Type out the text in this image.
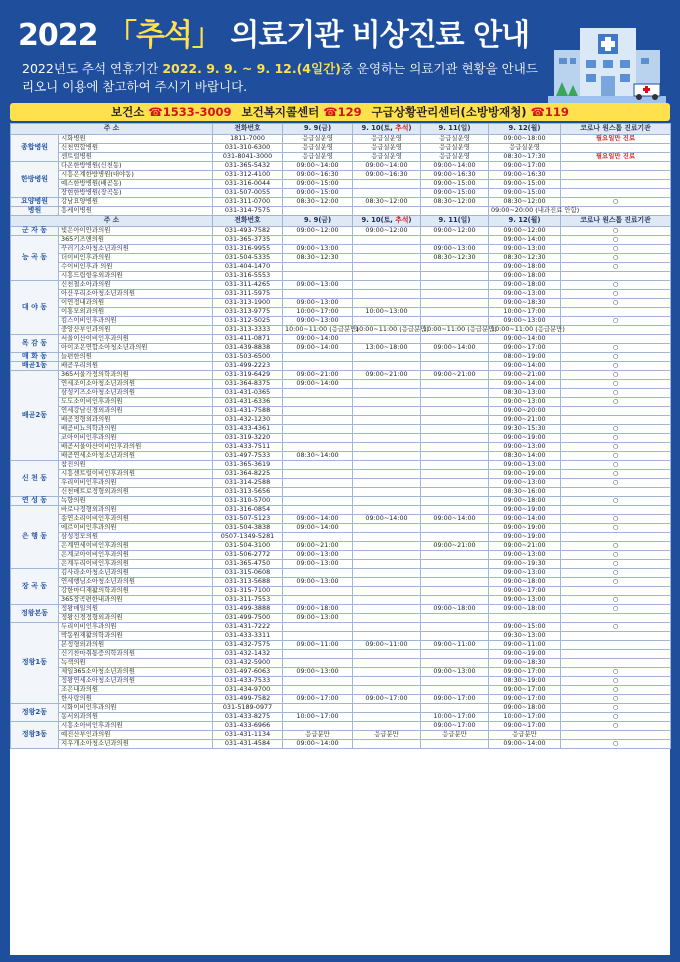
2022 「추석」 의료기관 비상진료 안내
2022년도 추석 연휴기간 2022. 9. 9. ~ 9. 12.(4일간)중 운영하는 의료기관 현황을 안내드리오니 이용에 참고하여 주시기 바랍니다.
보건소 ☎1533-3009 보건복지콜센터 ☎129 구급상황관리센터(소방방재청) ☎119
주 소		전화번호	9. 9(금)	9. 10(토, 추석)	9. 11(일)	9. 12(월)	코로나 원스톱 진료기관
종합병원	시화병원	1811-7000	응급실운영	응급실운영	응급실운영	09:00~18:00	필요일만 진료
	신천연합병원	031-310-6300	응급실운영	응급실운영	응급실운영	응급실운영	
	센트럴병원	031-8041-3000	응급실운영	응급실운영	응급실운영	08:30~17:30	필요일만 진료
한방병원	다온한방병원(신천동)	031-365-5432	09:00~14:00	09:00~14:00	09:00~14:00	09:00~17:00	
	시흥은계한방병원(대야동)	031-312-4100	09:00~16:30	09:00~16:30	09:00~16:30	09:00~16:30	
	예스한방병원(배곧동)	031-316-0044	09:00~15:00		09:00~15:00	09:00~15:00	
	장현한방병원(장곡동)	031-507-0055	09:00~15:00		09:00~15:00	09:00~15:00	
요양병원	강남요양병원	031-311-0700	08:30~12:00	08:30~12:00	08:30~12:00	08:30~12:00	○
병원	흥케이병원	031-314-7575				09:00~20:00 (내과진료 안함)	
주 소		전화번호	9. 9(금)	9. 10(토, 추석)	9. 11(일)	9. 12(월)	코로나 원스톱 진료기관
군 자 동	빛은아이안과의원	031-493-7582	09:00~12:00	09:00~12:00	09:00~12:00	09:00~12:00	○
능 곡 동	365키즈앤의원	031-365-3735				09:00~14:00	○
	꾸러기소아청소년과의원	031-316-9955	09:00~13:00		09:00~13:00	09:00~13:00	○
	더이비인후과의원	031-504-5335	08:30~12:30		08:30~12:30	08:30~12:30	○
	수이비인후과 의원	031-404-1470				09:00~18:00	○
	시흥드림항유외과의원	031-316-5553				09:00~18:00	
대 야 동	신천철소아과의원	031-311-4265	09:00~13:00			09:00~18:00	○
	아산우리소아청소년과의원	031-311-5975				09:00~13:00	○
	이연정내과의원	031-313-1900	09:00~13:00			09:00~18:30	○
	이홍모외과의원	031-313-9775	10:00~17:00	10:00~13:00		10:00~17:00	
	킴스이비인후과의원	031-312-5025	09:00~13:00			09:00~13:00	○
	중앙산부인과의원	031-313-3333	10:00~11:00 (응급분만)	10:00~11:00 (응급분만)	10:00~11:00 (응급분만)	10:00~11:00 (응급분만)	
목 감 동	서울이산이비인후과의원	031-411-0871	09:00~14:00			09:00~14:00	
	아이조은연합소아청소년과의원	031-439-8838	09:00~14:00	13:00~18:00	09:00~14:00	09:00~17:00	○
매 화 동	늘편한의원	031-503-6500				08:00~19:00	○
배곧1동	배곧우리의원	031-499-2223				09:00~14:00	○
배곧2동	365서울가정의학과의원	031-319-6429	09:00~21:00	09:00~21:00	09:00~21:00	09:00~21:00	○
	연세조이소아청소년과의원	031-364-8375	09:00~14:00			09:00~14:00	○
	삼성키즈소아청소년과의원	031-431-0365				08:30~13:00	○
	도도소이비인후과의원	031-431-6336				09:00~13:00	○
	연세강남신경외과의원	031-431-7588				09:00~20:00	
	배곧정형외과의원	031-432-1230				09:00~21:00	
	배곧비뇨의학과의원	031-433-4361				09:30~15:30	○
	코아이비인후과의원	031-319-3220				09:00~19:00	○
	배곧서울아산이비인후과의원	031-433-7511				09:00~13:00	○
	배곧연세소아청소년과의원	031-497-7533	08:30~14:00			08:30~14:00	○
신 천 동	참진의원	031-365-3619				09:00~13:00	○
	시흥센트럴이비인후과의원	031-364-8225				09:00~19:00	○
	우리이비인후과의원	031-314-2588				09:00~13:00	○
	신천메트로정형외과의원	031-313-5656				08:30~16:00	
연 성 동	녹향의원	031-310-5700				09:00~18:00	○
은 행 동	바로나정형외과의원	031-316-0854				09:00~19:00	
	송연소리이비인후과의원	031-507-5123	09:00~14:00	09:00~14:00	09:00~14:00	09:00~14:00	○
	에르이비인후과의원	031-504-3838	09:00~14:00			09:00~19:00	○
	삼성정모의원	0507-1349-5281				09:00~19:00	
	은계연세이비인후과의원	031-504-3100	09:00~21:00		09:00~21:00	09:00~21:00	○
	은계코아이비인후과의원	031-506-2772	09:00~13:00			09:00~13:00	○
	은계두리이비인후과의원	031-365-4750	09:00~13:00			09:00~19:30	○
장 곡 동	김사라소아청소년과의원	031-315-0608				09:00~13:00	○
	연세행님소아청소년과의원	031-313-5688	09:00~13:00			09:00~18:00	○
	강한마디재활의학과의원	031-315-7100				09:00~17:00	
	365장곡편한내과의원	031-311-7553				09:00~13:00	○
정왕본동	정왕매일의원	031-499-3888	09:00~18:00		09:00~18:00	09:00~18:00	○
	정왕신경정형외과의원	031-499-7500	09:00~13:00				
정왕1동	두리이비인후과의원	031-431-7222				09:00~15:00	○
	박동원재활의학과의원	031-433-3311				09:30~13:00	
	본정형외과의원	031-432-7575	09:00~11:00	09:00~11:00	09:00~11:00	09:00~11:00	
	신기찬마취통증의학과의원	031-432-1432				09:00~19:00	
	녹색의원	031-432-5900				09:00~18:30	
	제일365소아청소년과의원	031-497-6063	09:00~13:00		09:00~13:00	09:00~17:00	○
	정왕연세소아청소년과의원	031-433-7533				08:30~19:00	○
	조은내과의원	031-434-9700				09:00~17:00	○
	한사랑의원	031-499-7582	09:00~17:00	09:00~17:00	09:00~17:00	09:00~17:00	○
정왕2동	시화이비인후과의원	031-5189-0977				09:00~18:00	○
	동서외과의원	031-433-8275	10:00~17:00		10:00~17:00	10:00~17:00	○
정왕3동	시흥소아비인후과의원	031-433-6966			09:00~17:00	09:00~17:00	○
	예진산부인과의원	031-431-1134	응급분만	응급분만	응급분만	응급분만	
	지우개소아청소년과의원	031-431-4584	09:00~14:00			09:00~14:00	○
